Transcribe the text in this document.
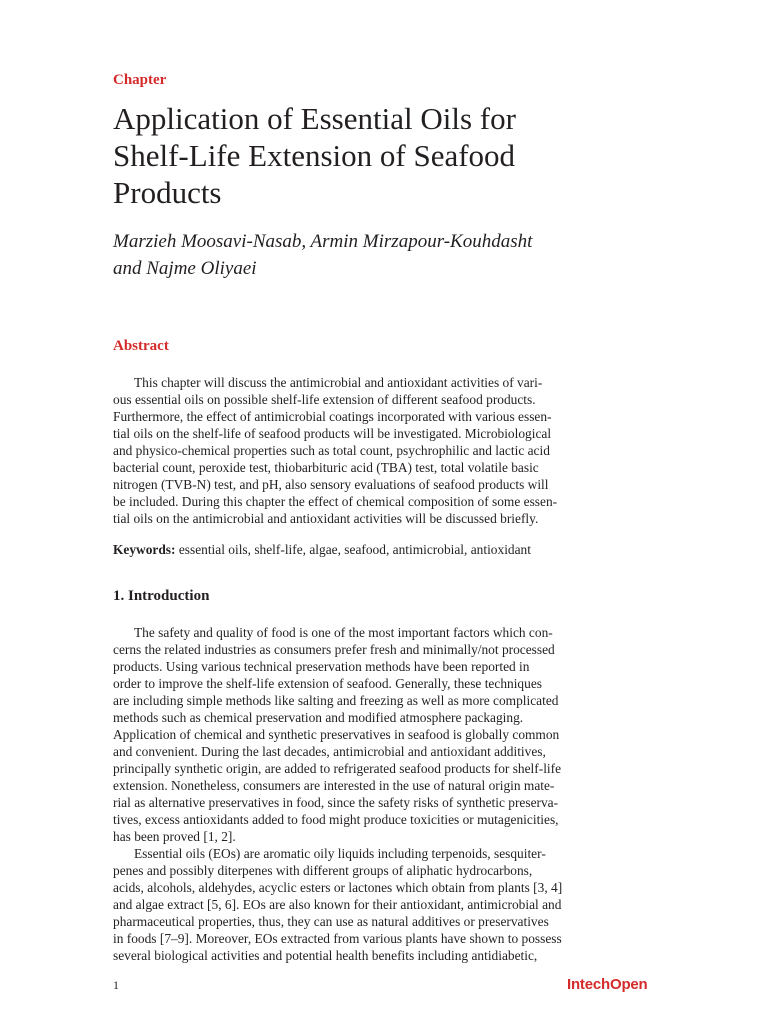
Chapter
Application of Essential Oils for
Shelf-Life Extension of Seafood
Products
Marzieh Moosavi-Nasab, Armin Mirzapour-Kouhdasht
and Najme Oliyaei
Abstract

This chapter will discuss the antimicrobial and antioxidant activities of vari-
ous essential oils on possible shelf-life extension of different seafood products.
Furthermore, the effect of antimicrobial coatings incorporated with various essen-
tial oils on the shelf-life of seafood products will be investigated. Microbiological
and physico-chemical properties such as total count, psychrophilic and lactic acid
bacterial count, peroxide test, thiobarbituric acid (TBA) test, total volatile basic
nitrogen (TVB-N) test, and pH, also sensory evaluations of seafood products will
be included. During this chapter the effect of chemical composition of some essen-
tial oils on the antimicrobial and antioxidant activities will be discussed briefly.

Keywords: essential oils, shelf-life, algae, seafood, antimicrobial, antioxidant

1. Introduction
The safety and quality of food is one of the most important factors which con-
cerns the related industries as consumers prefer fresh and minimally/not processed
products. Using various technical preservation methods have been reported in
order to improve the shelf-life extension of seafood. Generally, these techniques
are including simple methods like salting and freezing as well as more complicated
methods such as chemical preservation and modified atmosphere packaging.
Application of chemical and synthetic preservatives in seafood is globally common
and convenient. During the last decades, antimicrobial and antioxidant additives,
principally synthetic origin, are added to refrigerated seafood products for shelf-life
extension. Nonetheless, consumers are interested in the use of natural origin mate-
rial as alternative preservatives in food, since the safety risks of synthetic preserva-
tives, excess antioxidants added to food might produce toxicities or mutagenicities,
has been proved [1, 2].
Essential oils (EOs) are aromatic oily liquids including terpenoids, sesquiter-
penes and possibly diterpenes with different groups of aliphatic hydrocarbons,
acids, alcohols, aldehydes, acyclic esters or lactones which obtain from plants [3, 4]
and algae extract [5, 6]. EOs are also known for their antioxidant, antimicrobial and
pharmaceutical properties, thus, they can use as natural additives or preservatives
in foods [7–9]. Moreover, EOs extracted from various plants have shown to possess
several biological activities and potential health benefits including antidiabetic,
1	IntechOpen
